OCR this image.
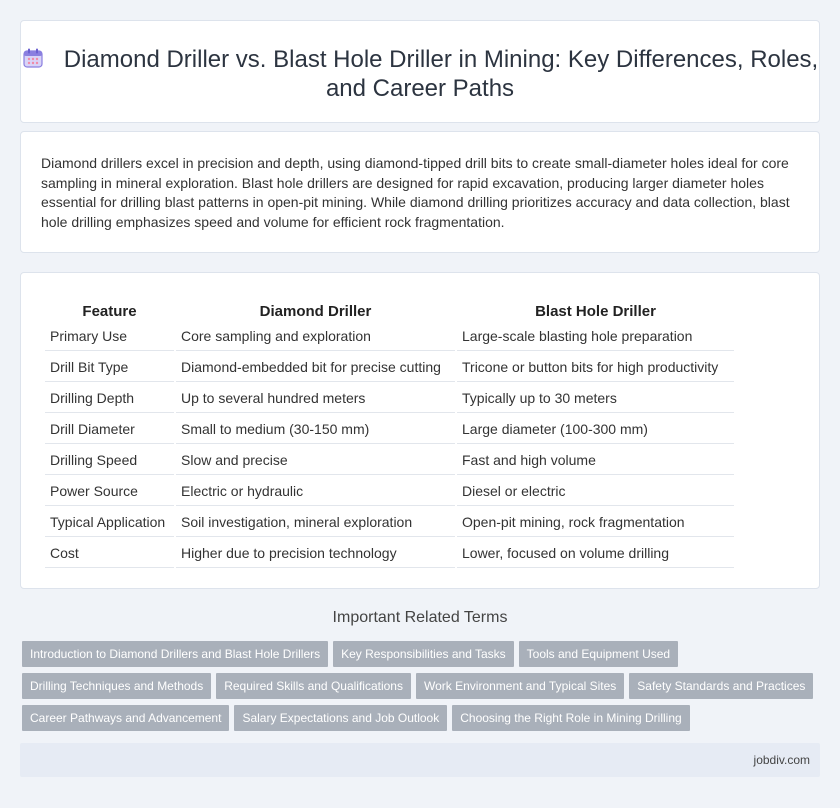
Diamond Driller vs. Blast Hole Driller in Mining: Key Differences, Roles, and Career Paths

Diamond drillers excel in precision and depth, using diamond-tipped drill bits to create small-diameter holes ideal for core sampling in mineral exploration. Blast hole drillers are designed for rapid excavation, producing larger diameter holes essential for drilling blast patterns in open-pit mining. While diamond drilling prioritizes accuracy and data collection, blast hole drilling emphasizes speed and volume for efficient rock fragmentation.

Feature	Diamond Driller	Blast Hole Driller
Primary Use	Core sampling and exploration	Large-scale blasting hole preparation
Drill Bit Type	Diamond-embedded bit for precise cutting	Tricone or button bits for high productivity
Drilling Depth	Up to several hundred meters	Typically up to 30 meters
Drill Diameter	Small to medium (30-150 mm)	Large diameter (100-300 mm)
Drilling Speed	Slow and precise	Fast and high volume
Power Source	Electric or hydraulic	Diesel or electric
Typical Application	Soil investigation, mineral exploration	Open-pit mining, rock fragmentation
Cost	Higher due to precision technology	Lower, focused on volume drilling
Important Related Terms
Introduction to Diamond Drillers and Blast Hole Drillers Key Responsibilities and Tasks Tools and Equipment Used
Drilling Techniques and Methods Required Skills and Qualifications Work Environment and Typical Sites Safety Standards and Practices
Career Pathways and Advancement Salary Expectations and Job Outlook Choosing the Right Role in Mining Drilling
jobdiv.com
